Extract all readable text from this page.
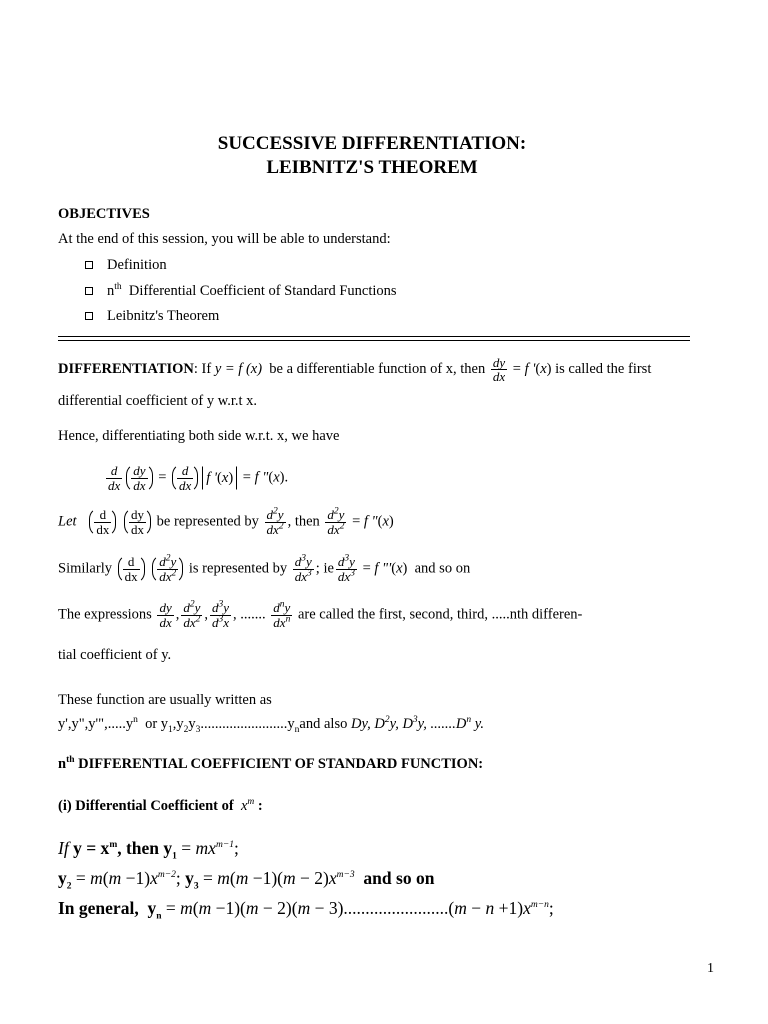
SUCCESSIVE DIFFERENTIATION:
LEIBNITZ'S THEOREM
OBJECTIVES
At the end of this session, you will be able to understand:
Definition
$n^{th}$ Differential Coefficient of Standard Functions
Leibnitz's Theorem
DIFFERENTIATION: If y = f (x) be a differentiable function of x, then $\frac{dy}{dx} = f$ '(x) is called the first
differential coefficient of y w.r.t x.
Hence, differentiating both side w.r.t. x, we have
$\frac{d}{dx} \frac{dy}{dx} = \frac{d}{dx}$ f '(x) = f "(x).
Let $\frac{d}{dx}$
$\frac{dy}{dx}$ be represented by $\frac{d^2y}{dx^2}$ , then $\frac{d^2y}{dx^2} = f$ "(x)
Similarly $\frac{d}{dx}$
$\frac{d^2y}{dx^2}$ is represented by $\frac{d^3y}{dx^3}$ ; ie $\frac{d^3y}{dx^3} = f$ "'(x)  and so on
The expressions $\frac{dy}{dx}$ , $\frac{d^2y}{dx^2}$ , $\frac{d^3y}{d^3x}$ , ....... $\frac{d^ny}{dx^n}$ are called the first, second, third, .....nth differen-
tial coefficient of y.
These function are usually written as
$y',y",y'",.....y^n$ or $y_1,y_2y_3........................y_nand$ also Dy, $D^2y$, $D^3y$, $.......D^n$ y.
$n^{th}$ DIFFERENTIAL COEFFICIENT OF STANDARD FUNCTION:
(i) Differential Coefficient of $x^m$ :
If $y = x^m$, then $y_1 = mx^{m-1}$;
$y_2 = m(m -1)x^{m-2}$; $y_3 = m(m -1)(m - 2)x^{m-3}$ and so on
In general, $y_n = m(m -1)(m - 2)(m - 3)........................(m - n +1)x^{m-n}$;
1
